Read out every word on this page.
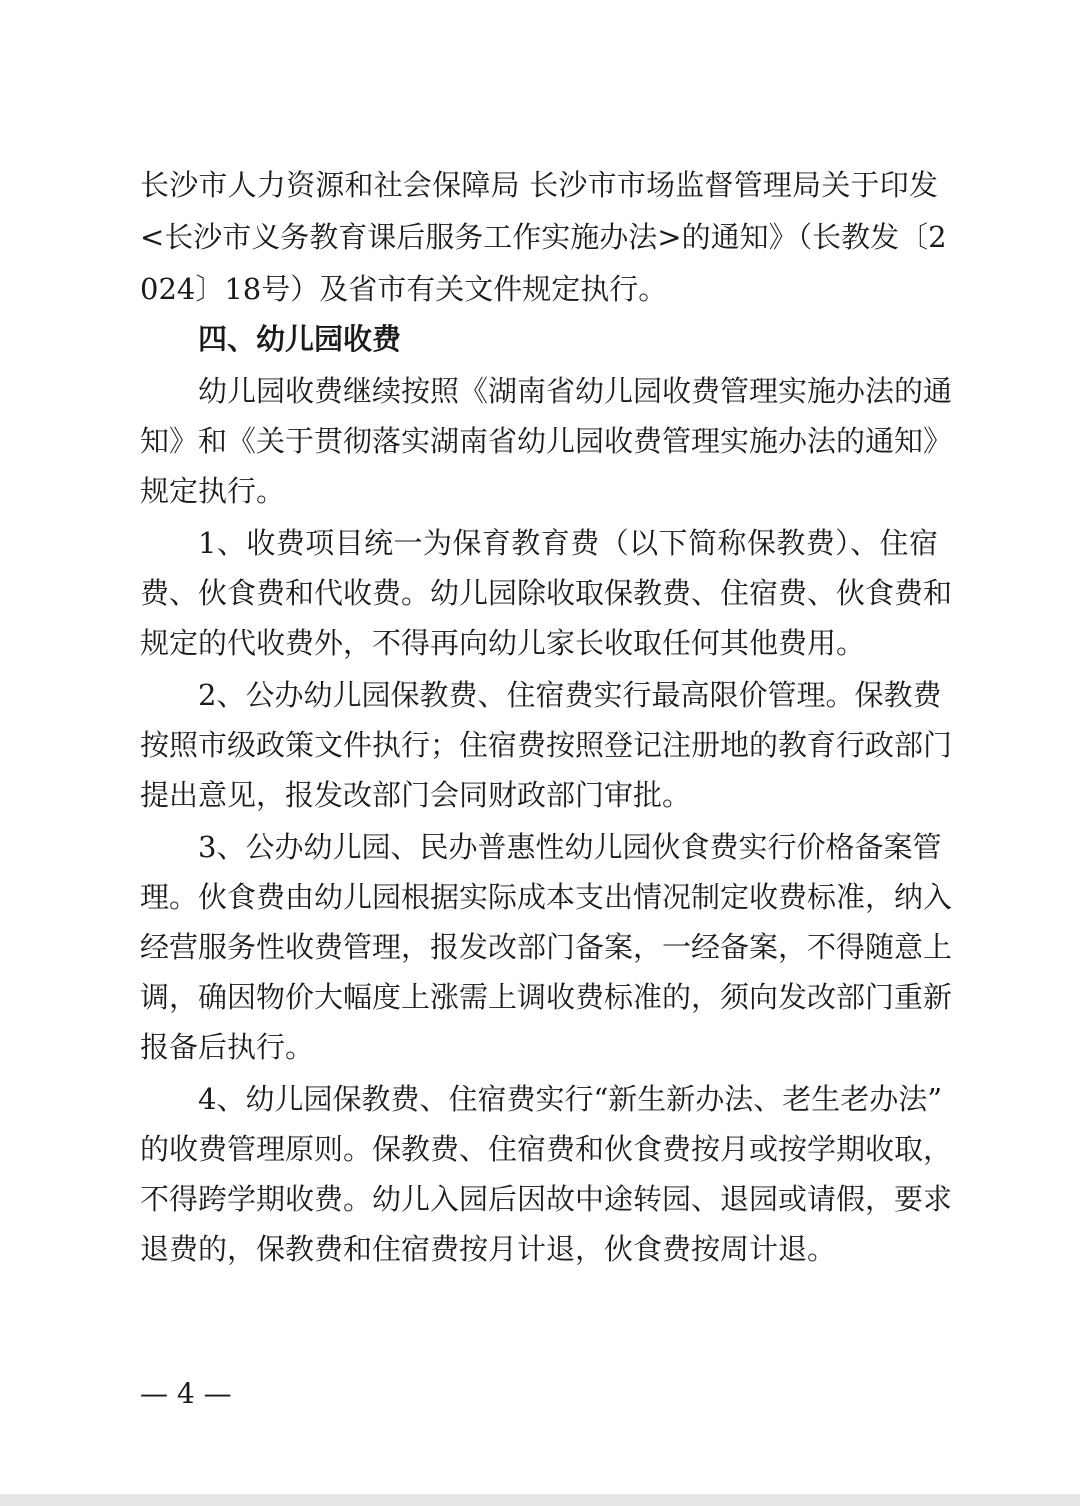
长沙市人力资源和社会保障局 长沙市市场监督管理局关于印发
<长沙市义务教育课后服务工作实施办法>的通知》（长教发〔2
024〕18号）及省市有关文件规定执行。
四、幼儿园收费
幼儿园收费继续按照《湖南省幼儿园收费管理实施办法的通
知》和《关于贯彻落实湖南省幼儿园收费管理实施办法的通知》
规定执行。
1、收费项目统一为保育教育费（以下简称保教费）、住宿
费、伙食费和代收费。幼儿园除收取保教费、住宿费、伙食费和
规定的代收费外，不得再向幼儿家长收取任何其他费用。
2、公办幼儿园保教费、住宿费实行最高限价管理。保教费
按照市级政策文件执行；住宿费按照登记注册地的教育行政部门
提出意见，报发改部门会同财政部门审批。
3、公办幼儿园、民办普惠性幼儿园伙食费实行价格备案管
理。伙食费由幼儿园根据实际成本支出情况制定收费标准，纳入
经营服务性收费管理，报发改部门备案，一经备案，不得随意上
调，确因物价大幅度上涨需上调收费标准的，须向发改部门重新
报备后执行。
4、幼儿园保教费、住宿费实行“新生新办法、老生老办法”
的收费管理原则。保教费、住宿费和伙食费按月或按学期收取，
不得跨学期收费。幼儿入园后因故中途转园、退园或请假，要求
退费的，保教费和住宿费按月计退，伙食费按周计退。
— 4 —
